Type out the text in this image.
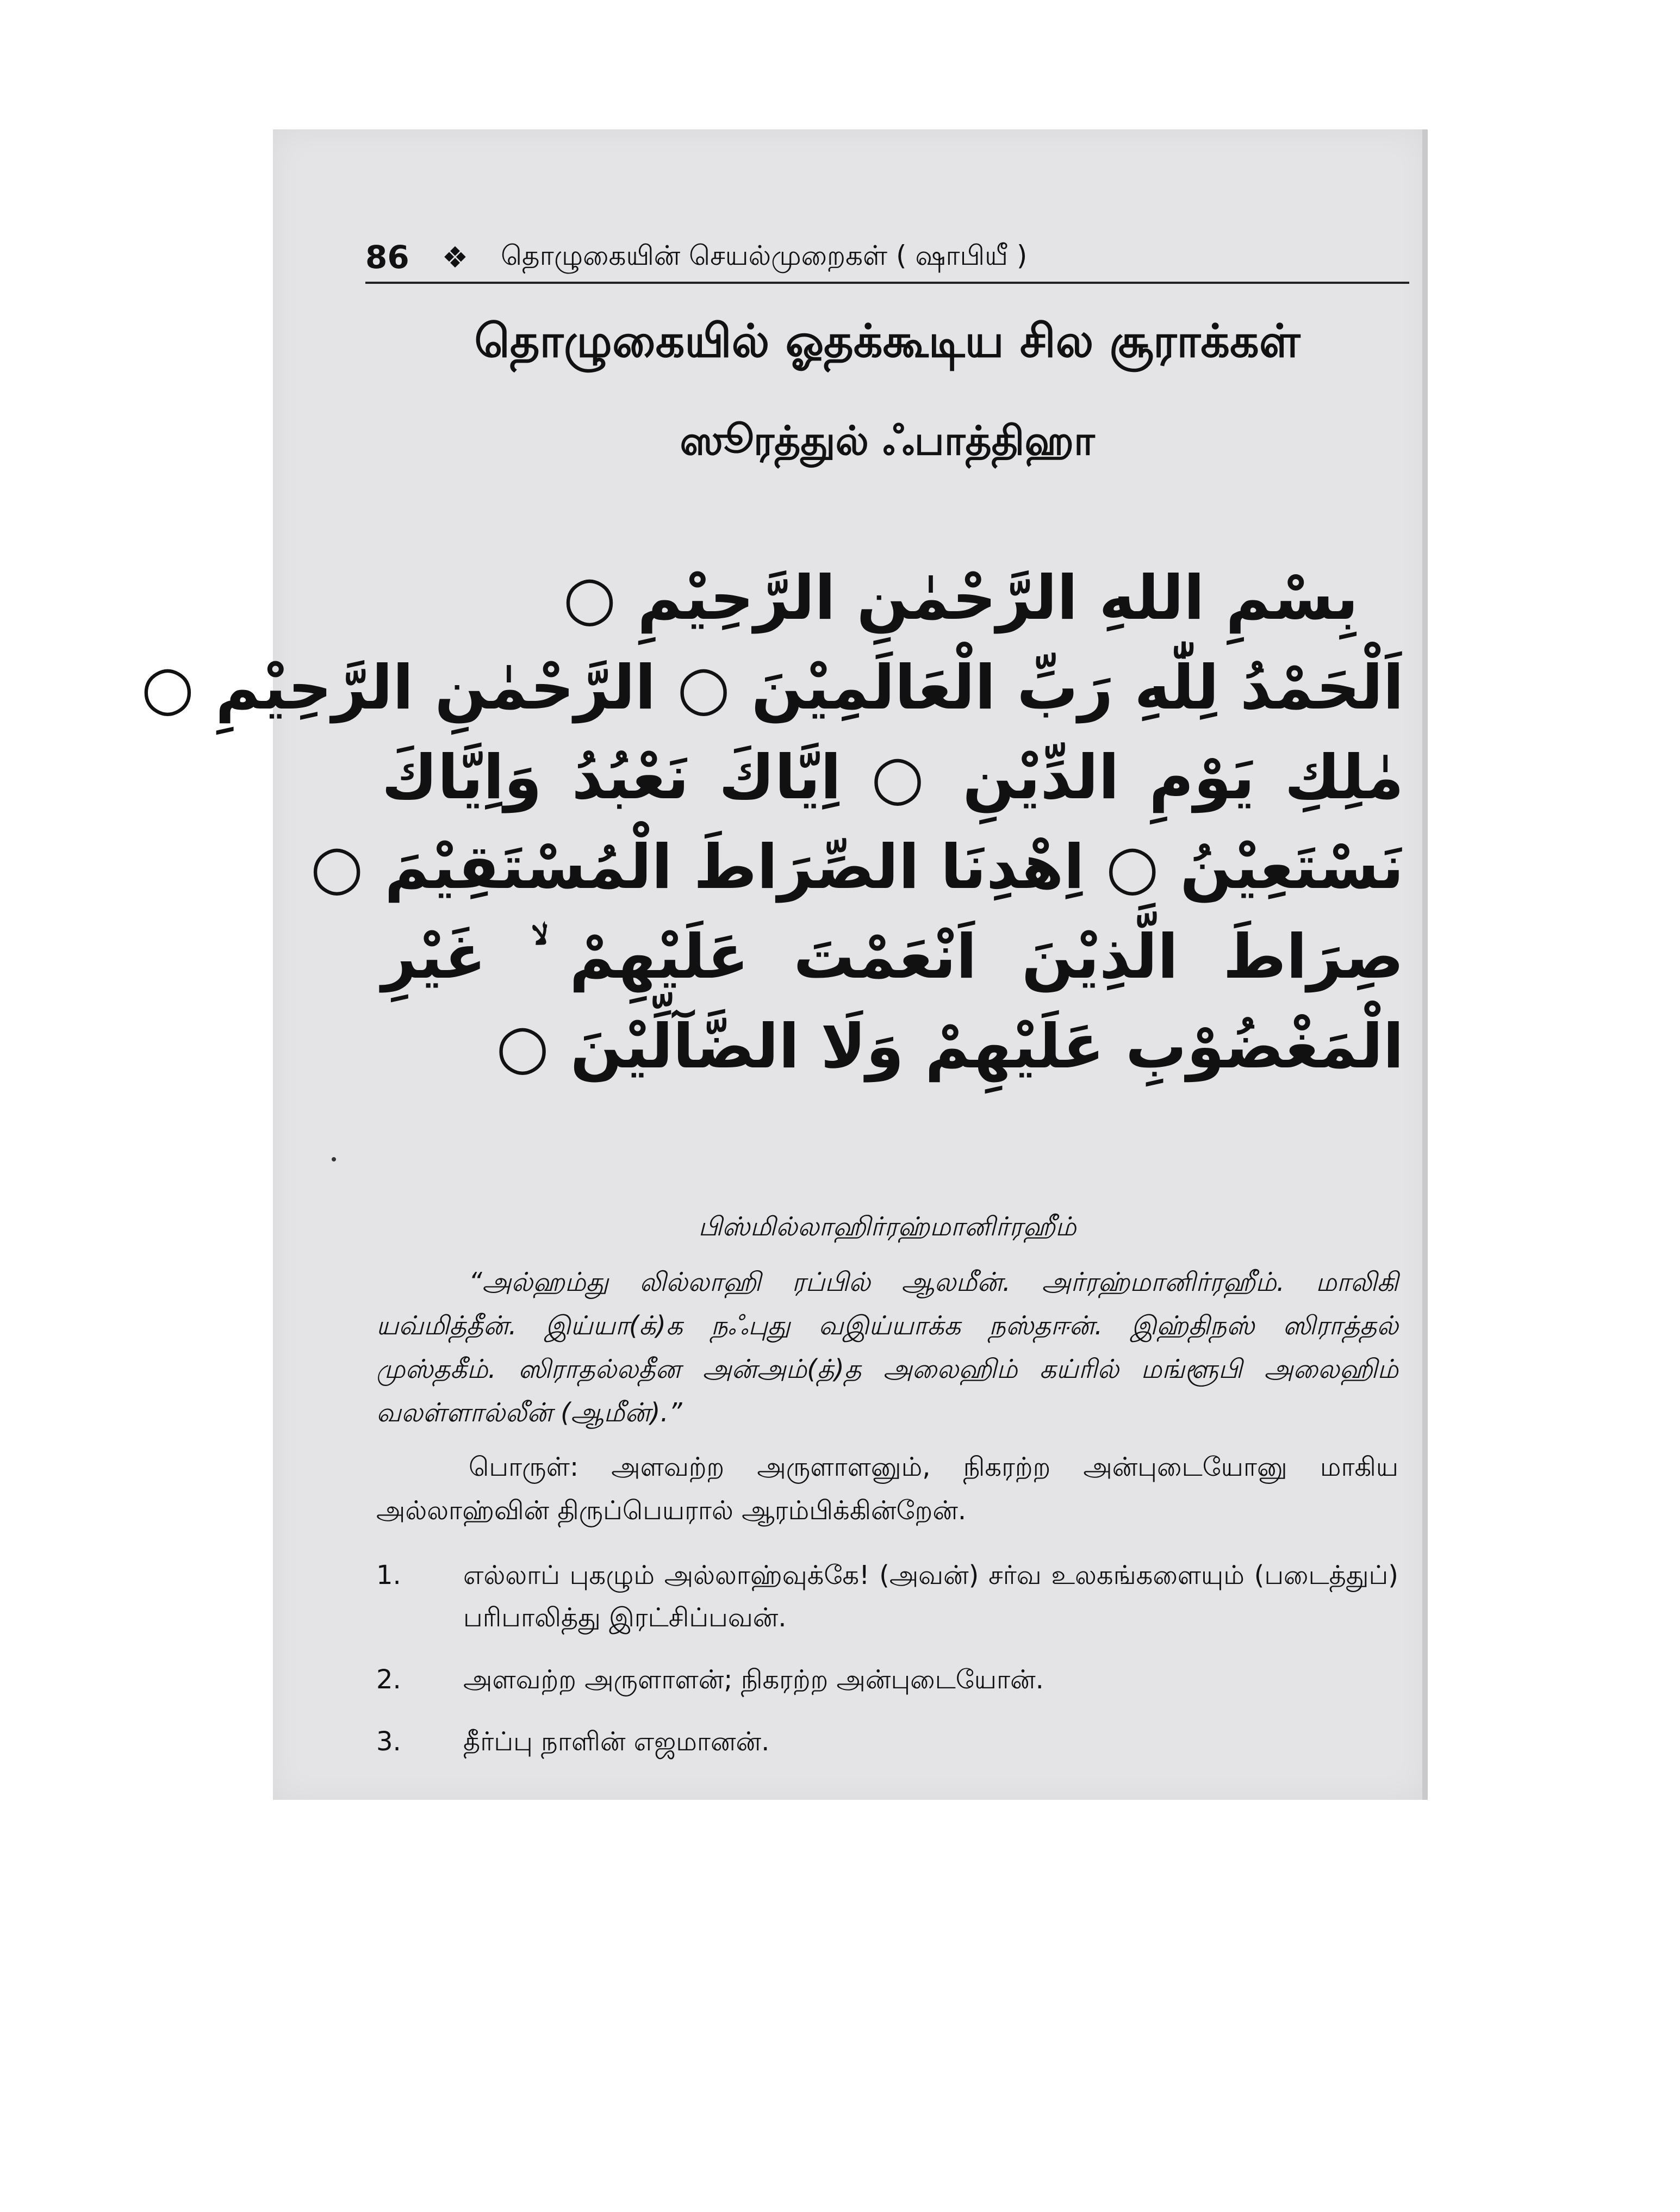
86 ❖ தொழுகையின் செயல்முறைகள் ( ஷாபியீ )
தொழுகையில் ஓதக்கூடிய சில சூராக்கள்
ஸூரத்துல் ஃபாத்திஹா
بِسْمِ اللهِ الرَّحْمٰنِ الرَّحِيْمِ ○
اَلْحَمْدُ لِلّٰهِ رَبِّ الْعَالَمِيْنَ ○ الرَّحْمٰنِ الرَّحِيْمِ ○
مٰلِكِ يَوْمِ الدِّيْنِ ○ اِيَّاكَ نَعْبُدُ وَاِيَّاكَ
نَسْتَعِيْنُ ○ اِهْدِنَا الصِّرَاطَ الْمُسْتَقِيْمَ ○
صِرَاطَ الَّذِيْنَ اَنْعَمْتَ عَلَيْهِمْ ۙ غَيْرِ
الْمَغْضُوْبِ عَلَيْهِمْ وَلَا الضَّآلِّيْنَ ○
பிஸ்மில்லாஹிர்ரஹ்மானிர்ரஹீம்
“அல்ஹம்து லில்லாஹி ரப்பில் ஆலமீன். அர்ரஹ்மானிர்ரஹீம். மாலிகி யவ்மித்தீன். இய்யா(க்)க நஃபுது வஇய்யாக்க நஸ்தஈன். இஹ்திநஸ் ஸிராத்தல் முஸ்தகீம். ஸிராதல்லதீன அன்அம்(த்)த அலைஹிம் கய்ரில் மங்ளூபி அலைஹிம் வலள்ளால்லீன் (ஆமீன்).”
பொருள்: அளவற்ற அருளாளனும், நிகரற்ற அன்புடையோனு மாகிய அல்லாஹ்வின் திருப்பெயரால் ஆரம்பிக்கின்றேன்.
1.	எல்லாப் புகழும் அல்லாஹ்வுக்கே! (அவன்) சர்வ உலகங்களையும் (படைத்துப்) பரிபாலித்து இரட்சிப்பவன்.
2.	அளவற்ற அருளாளன்; நிகரற்ற அன்புடையோன்.
3.	தீர்ப்பு நாளின் எஜமானன்.
